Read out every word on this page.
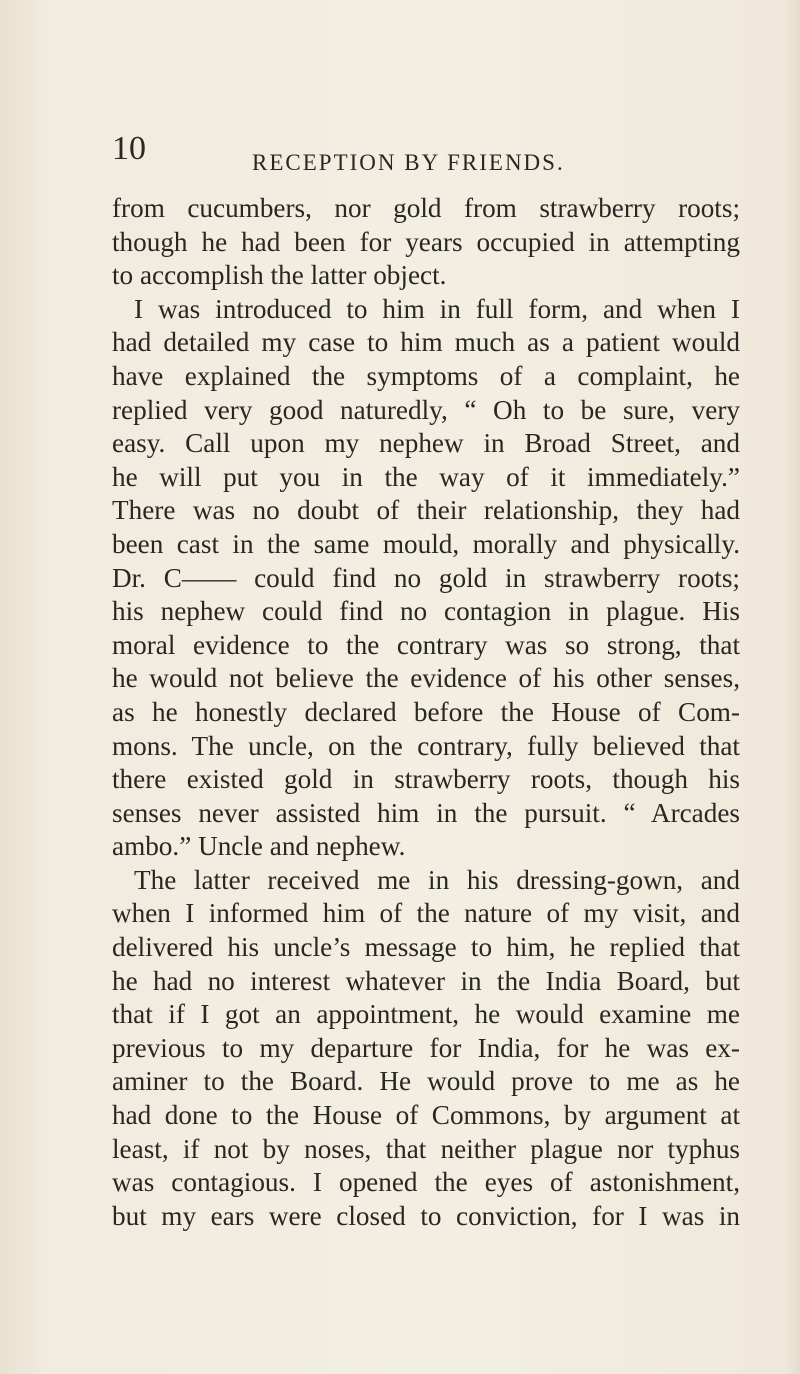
10	RECEPTION BY FRIENDS.
from cucumbers, nor gold from strawberry roots;
though he had been for years occupied in attempting
to accomplish the latter object.
I was introduced to him in full form, and when I
had detailed my case to him much as a patient would
have explained the symptoms of a complaint, he
replied very good naturedly, “ Oh to be sure, very
easy. Call upon my nephew in Broad Street, and
he will put you in the way of it immediately.”
There was no doubt of their relationship, they had
been cast in the same mould, morally and physically.
Dr. C—— could find no gold in strawberry roots;
his nephew could find no contagion in plague. His
moral evidence to the contrary was so strong, that
he would not believe the evidence of his other senses,
as he honestly declared before the House of Com-
mons. The uncle, on the contrary, fully believed that
there existed gold in strawberry roots, though his
senses never assisted him in the pursuit. “ Arcades
ambo.” Uncle and nephew.
The latter received me in his dressing-gown, and
when I informed him of the nature of my visit, and
delivered his uncle’s message to him, he replied that
he had no interest whatever in the India Board, but
that if I got an appointment, he would examine me
previous to my departure for India, for he was ex-
aminer to the Board. He would prove to me as he
had done to the House of Commons, by argument at
least, if not by noses, that neither plague nor typhus
was contagious. I opened the eyes of astonishment,
but my ears were closed to conviction, for I was in
